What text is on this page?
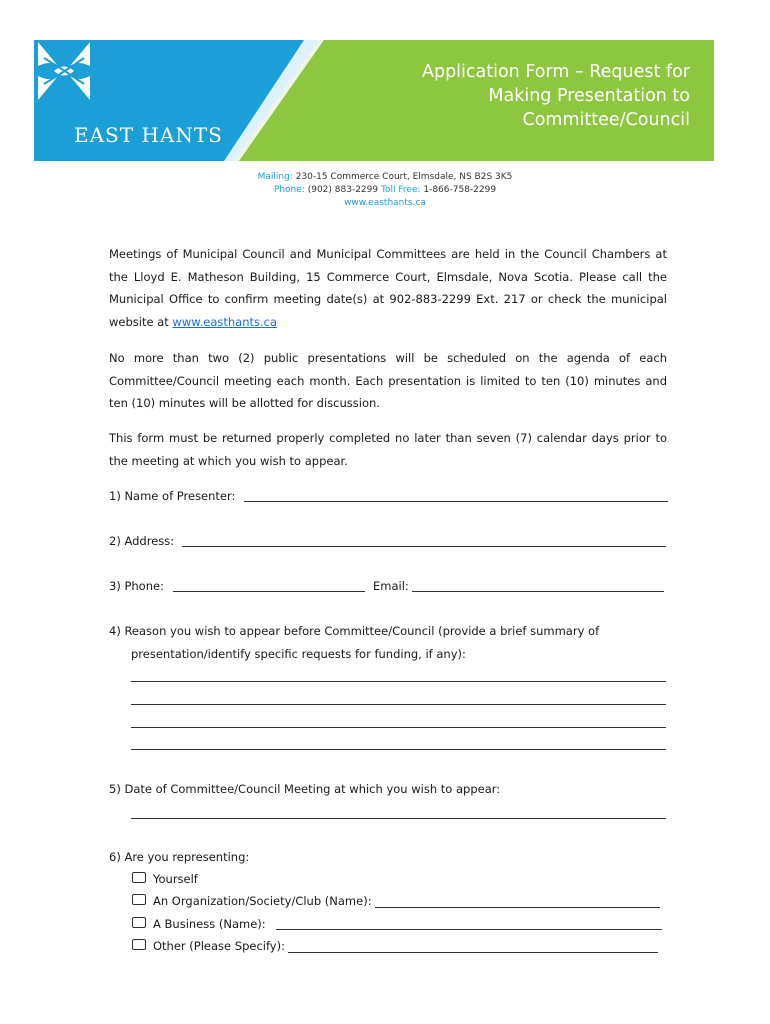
EAST HANTS
Application Form – Request for
Making Presentation to
Committee/Council
Mailing: 230-15 Commerce Court, Elmsdale, NS B2S 3K5
Phone: (902) 883-2299 Toll Free: 1-866-758-2299
www.easthants.ca
Meetings of Municipal Council and Municipal Committees are held in the Council Chambers at the Lloyd E. Matheson Building, 15 Commerce Court, Elmsdale, Nova Scotia. Please call the Municipal Office to confirm meeting date(s) at 902-883-2299 Ext. 217 or check the municipal website at www.easthants.ca
No more than two (2) public presentations will be scheduled on the agenda of each Committee/Council meeting each month. Each presentation is limited to ten (10) minutes and ten (10) minutes will be allotted for discussion.
This form must be returned properly completed no later than seven (7) calendar days prior to the meeting at which you wish to appear.
1) Name of Presenter:
2) Address:
3) Phone:	Email:
4) Reason you wish to appear before Committee/Council (provide a brief summary of
presentation/identify specific requests for funding, if any):
5) Date of Committee/Council Meeting at which you wish to appear:
6) Are you representing:
Yourself
An Organization/Society/Club (Name):
A Business (Name):
Other (Please Specify):
